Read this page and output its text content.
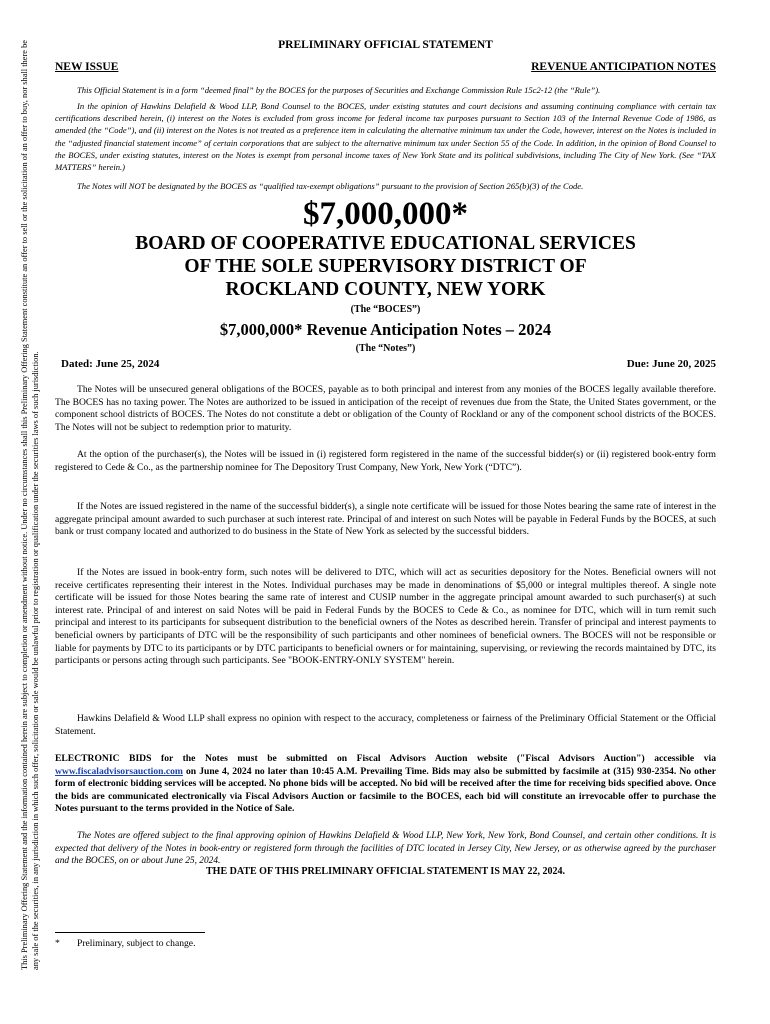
This Preliminary Offering Statement and the information contained herein are subject to completion or amendment without notice. Under no circumstances shall this Preliminary Offering Statement constitute an offer to sell or the solicitation of an offer to buy, nor shall there be any sale of the securities, in any jurisdiction in which such offer, solicitation or sale would be unlawful prior to registration or qualification under the securities laws of such jurisdiction.
PRELIMINARY OFFICIAL STATEMENT
NEW ISSUE	REVENUE ANTICIPATION NOTES
This Official Statement is in a form “deemed final” by the BOCES for the purposes of Securities and Exchange Commission Rule 15c2-12 (the “Rule”).
In the opinion of Hawkins Delafield & Wood LLP, Bond Counsel to the BOCES, under existing statutes and court decisions and assuming continuing compliance with certain tax certifications described herein, (i) interest on the Notes is excluded from gross income for federal income tax purposes pursuant to Section 103 of the Internal Revenue Code of 1986, as amended (the “Code”), and (ii) interest on the Notes is not treated as a preference item in calculating the alternative minimum tax under the Code, however, interest on the Notes is included in the “adjusted financial statement income” of certain corporations that are subject to the alternative minimum tax under Section 55 of the Code. In addition, in the opinion of Bond Counsel to the BOCES, under existing statutes, interest on the Notes is exempt from personal income taxes of New York State and its political subdivisions, including The City of New York. (See “TAX MATTERS” herein.)
The Notes will NOT be designated by the BOCES as “qualified tax-exempt obligations” pursuant to the provision of Section 265(b)(3) of the Code.
$7,000,000*
BOARD OF COOPERATIVE EDUCATIONAL SERVICES
OF THE SOLE SUPERVISORY DISTRICT OF
ROCKLAND COUNTY, NEW YORK
(The “BOCES”)
$7,000,000* Revenue Anticipation Notes – 2024
(The “Notes”)
Dated: June 25, 2024	Due: June 20, 2025
The Notes will be unsecured general obligations of the BOCES, payable as to both principal and interest from any monies of the BOCES legally available therefore. The BOCES has no taxing power. The Notes are authorized to be issued in anticipation of the receipt of revenues due from the State, the United States government, or the component school districts of BOCES. The Notes do not constitute a debt or obligation of the County of Rockland or any of the component school districts of the BOCES. The Notes will not be subject to redemption prior to maturity.
At the option of the purchaser(s), the Notes will be issued in (i) registered form registered in the name of the successful bidder(s) or (ii) registered book-entry form registered to Cede & Co., as the partnership nominee for The Depository Trust Company, New York, New York (“DTC”).
If the Notes are issued registered in the name of the successful bidder(s), a single note certificate will be issued for those Notes bearing the same rate of interest in the aggregate principal amount awarded to such purchaser at such interest rate. Principal of and interest on such Notes will be payable in Federal Funds by the BOCES, at such bank or trust company located and authorized to do business in the State of New York as selected by the successful bidders.
If the Notes are issued in book-entry form, such notes will be delivered to DTC, which will act as securities depository for the Notes. Beneficial owners will not receive certificates representing their interest in the Notes. Individual purchases may be made in denominations of $5,000 or integral multiples thereof. A single note certificate will be issued for those Notes bearing the same rate of interest and CUSIP number in the aggregate principal amount awarded to such purchaser(s) at such interest rate. Principal of and interest on said Notes will be paid in Federal Funds by the BOCES to Cede & Co., as nominee for DTC, which will in turn remit such principal and interest to its participants for subsequent distribution to the beneficial owners of the Notes as described herein. Transfer of principal and interest payments to beneficial owners by participants of DTC will be the responsibility of such participants and other nominees of beneficial owners. The BOCES will not be responsible or liable for payments by DTC to its participants or by DTC participants to beneficial owners or for maintaining, supervising, or reviewing the records maintained by DTC, its participants or persons acting through such participants. See "BOOK-ENTRY-ONLY SYSTEM" herein.
Hawkins Delafield & Wood LLP shall express no opinion with respect to the accuracy, completeness or fairness of the Preliminary Official Statement or the Official Statement.
ELECTRONIC BIDS for the Notes must be submitted on Fiscal Advisors Auction website ("Fiscal Advisors Auction") accessible via www.fiscaladvisorsauction.com on June 4, 2024 no later than 10:45 A.M. Prevailing Time. Bids may also be submitted by facsimile at (315) 930-2354. No other form of electronic bidding services will be accepted. No phone bids will be accepted. No bid will be received after the time for receiving bids specified above. Once the bids are communicated electronically via Fiscal Advisors Auction or facsimile to the BOCES, each bid will constitute an irrevocable offer to purchase the Notes pursuant to the terms provided in the Notice of Sale.
The Notes are offered subject to the final approving opinion of Hawkins Delafield & Wood LLP, New York, New York, Bond Counsel, and certain other conditions. It is expected that delivery of the Notes in book-entry or registered form through the facilities of DTC located in Jersey City, New Jersey, or as otherwise agreed by the purchaser and the BOCES, on or about June 25, 2024.
THE DATE OF THIS PRELIMINARY OFFICIAL STATEMENT IS MAY 22, 2024.
* Preliminary, subject to change.
